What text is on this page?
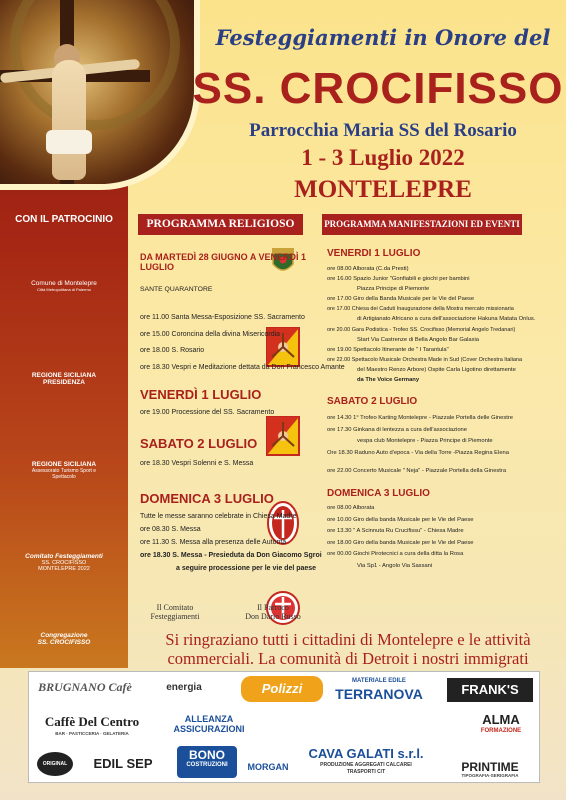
CON IL PATROCINIO
Comune di Montelepre
Città Metropolitana di Palermo
REGIONE SICILIANA
PRESIDENZA
REGIONE SICILIANA
Assessorato Turismo Sport e Spettacolo
Comitato Festeggiamenti
SS. CROCIFISSO
MONTELEPRE 2022
Congregazione
SS. CROCIFISSO
Festeggiamenti in Onore del
SS. CROCIFISSO
Parrocchia Maria SS del Rosario
1 - 3 Luglio 2022
MONTELEPRE
PROGRAMMA RELIGIOSO	PROGRAMMA MANIFESTAZIONI ED EVENTI
DA MARTEDÌ 28 GIUGNO A VENERDÌ 1 LUGLIO
SANTE QUARANTORE
ore 11.00 Santa Messa-Esposizione SS. Sacramento
ore 15.00 Coroncina della divina Misericordia
ore 18.00 S. Rosario
ore 18.30 Vespri e Meditazione dettata da Don Francesco Amante
VENERDÌ 1 LUGLIO
ore 19.00 Processione del SS. Sacramento
SABATO 2 LUGLIO
ore 18.30 Vespri Solenni e S. Messa
DOMENICA 3 LUGLIO
Tutte le messe saranno celebrate in Chiesa Madre
ore 08.30 S. Messa
ore 11.30 S. Messa alla presenza delle Autorità
ore 18.30 S. Messa - Presieduta da Don Giacomo Sgroi
a seguire processione per le vie del paese
Il Comitato
Festeggiamenti
Il Parroco
Don Dario Russo
VENERDI 1 LUGLIO
ore 08.00 Alborata (C.da Presti)
ore 16.00 Spazio Junior "Gonfiabili e giochi per bambini
Piazza Principe di Piemonte
ore 17.00 Giro della Banda Musicale per le Vie del Paese
ore 17.00 Chiesa dei Caduti Inaugurazione della Mostra mercato missionaria
di Artigianato Africano a cura dell'associazione Hakuna Matata Onlus.
ore 20.00 Gara Podistica - Trofeo SS. Crocifisso (Memorial Angelo Tredanari)
Start Via Castrenze di Bella Angolo Bar Galaxia
ore 19.00 Spettacolo Itinerante de " I Tarantula"
ore 22.00 Spettacolo Musicale Orchestra Made in Sud (Cover Orchestra Italiana
del Maestro Renzo Arbore) Ospite Carla Ligotino direttamente
da The Voice Germany
SABATO 2 LUGLIO
ore 14.30 1° Trofeo Karting Montelepre - Piazzale Portella delle Ginestre
ore 17.30 Ginkana di lentezza a cura dell'associazione
vespa club Montelepre - Piazza Principe di Piemonte
Ore 18.30 Raduno Auto d'epoca - Via della Torre -Piazza Regina Elena
ore 22.00 Concerto Musicale " Neja" - Piazzale Portella della Ginestra
DOMENICA 3 LUGLIO
ore 08.00 Alborata
ore 10.00 Giro della banda Musicale per le Vie del Paese
ore 13.30 " A Scinnuta Ru Crucifissu" - Chiesa Madre
ore 18.00 Giro della banda Musicale per le Vie del Paese
ore 00.00 Giochi Pirotecnici a cura della ditta la Rosa
Via Sp1 - Angolo Via Sassani
Si ringraziano tutti i cittadini di Montelepre e le attività
commerciali. La comunità di Detroit i nostri immigrati
BRUGNANO Cafè	energia	Polizzi	MATERIALE EDILE
TERRANOVA	FRANK'S
Caffè Del Centro
BAR · PASTICCERIA · GELATERIA
ALLEANZA ASSICURAZIONI
ALMA
FORMAZIONE
ORIGINAL	EDIL SEP
BONO
COSTRUZIONI	MORGAN
CAVA GALATI s.r.l.
PRODUZIONE AGGREGATI CALCAREI
TRASPORTI C/T	PRINTIME
TIPOGRAFIA-SERIGRAFIA
